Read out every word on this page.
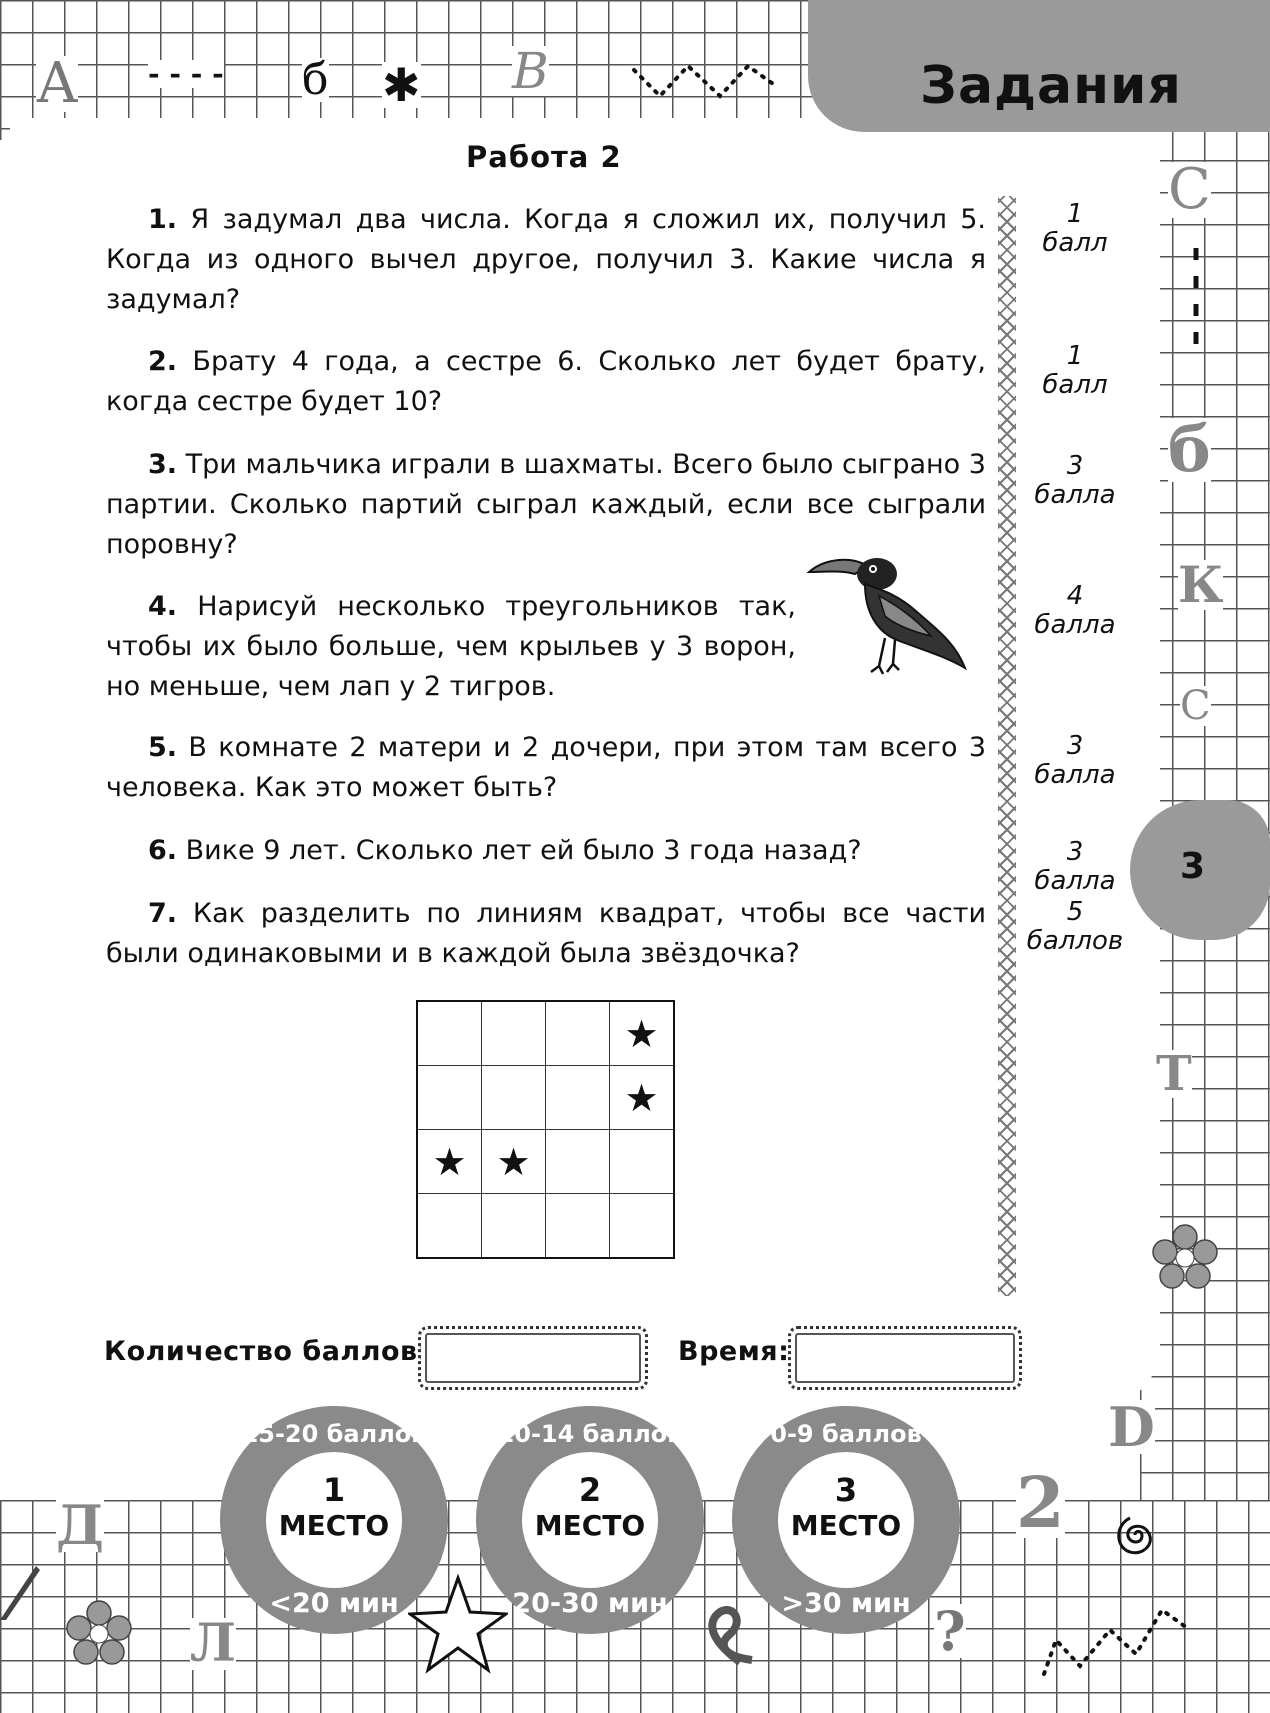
Задания
А - - - - б ✱ В
С
б
К
С
Т
D
2
3
Работа 2
1. Я задумал два числа. Когда я сложил их, получил 5. Когда из одного вычел другое, получил 3. Какие числа я задумал?
2. Брату 4 года, а сестре 6. Сколько лет будет брату, когда сестре будет 10?
3. Три мальчика играли в шахматы. Всего было сыграно 3 партии. Сколько партий сыграл каждый, если все сыграли поровну?
4. Нарисуй несколько треугольников так, чтобы их было больше, чем крыльев у 3 ворон, но меньше, чем лап у 2 тигров.
5. В комнате 2 матери и 2 дочери, при этом там всего 3 человека. Как это может быть?
6. Вике 9 лет. Сколько лет ей было 3 года назад?
7. Как разделить по линиям квадрат, чтобы все части были одинаковыми и в каждой была звёздочка?
1
балл
1
балл
3
балла
4
балла
3
балла
3
балла
5
баллов
			★
			★
★	★		

Количество баллов:	Время:
15-20 баллов
1
МЕСТО
<20 мин
10-14 баллов
2
МЕСТО
20-30 мин
0-9 баллов
3
МЕСТО
>30 мин
Д
Л	?
